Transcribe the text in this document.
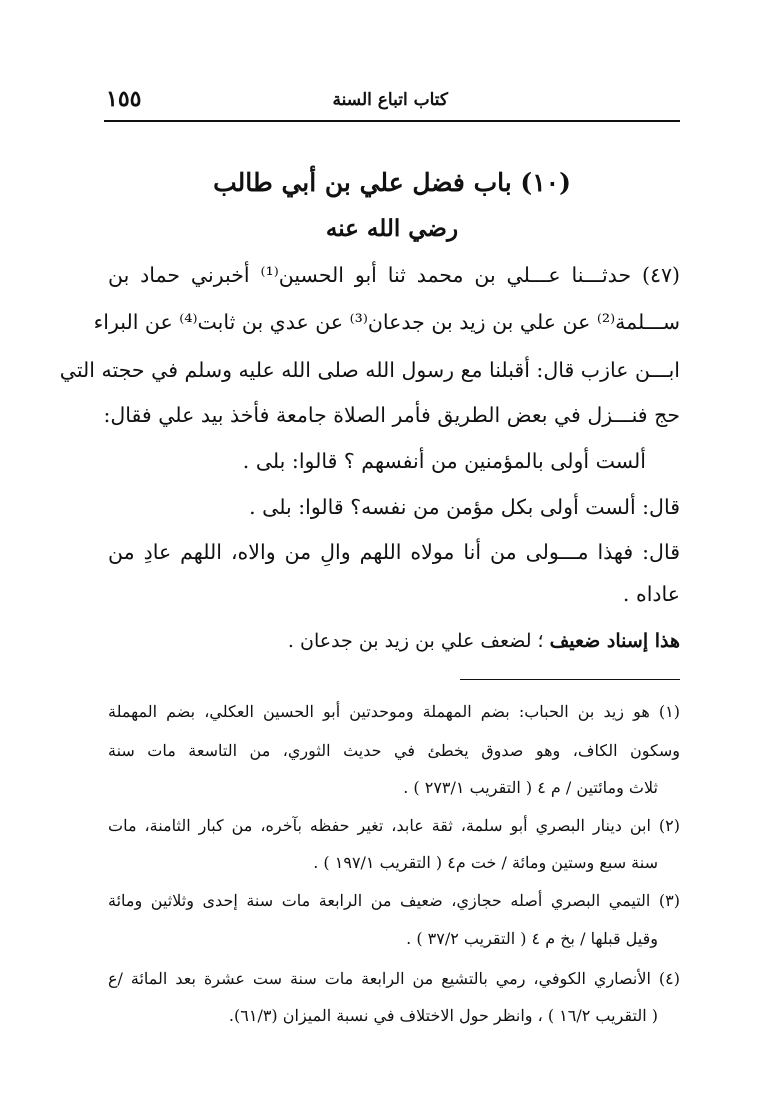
كتاب اتباع السنة
١٥٥
(١٠) باب فضل علي بن أبي طالب
رضي الله عنه
(٤٧) حدثـــنا عـــلي بن محمد ثنا أبو الحسين⁽¹⁾ أخبرني حماد بن
ســـلمة⁽²⁾ عن علي بن زيد بن جدعان⁽³⁾ عن عدي بن ثابت⁽⁴⁾ عن البراء
ابـــن عازب قال: أقبلنا مع رسول الله صلى الله عليه وسلم في حجته التي
حج فنـــزل في بعض الطريق فأمر الصلاة جامعة فأخذ بيد علي فقال:
ألست أولى بالمؤمنين من أنفسهم ؟ قالوا: بلى .
قال: ألست أولى بكل مؤمن من نفسه؟ قالوا: بلى .
قال: فهذا مـــولى من أنا مولاه اللهم والِ من والاه، اللهم عادِ من
عاداه .
هذا إسناد ضعيف ؛ لضعف علي بن زيد بن جدعان .
(١) هو زيد بن الحباب: بضم المهملة وموحدتين أبو الحسين العكلي، بضم المهملة
وسكون الكاف، وهو صدوق يخطئ في حديث الثوري، من التاسعة مات سنة
ثلاث ومائتين / م ٤ ( التقريب ٢٧٣/١ ) .
(٢) ابن دينار البصري أبو سلمة، ثقة عابد، تغير حفظه بآخره، من كبار الثامنة، مات
سنة سبع وستين ومائة / خت م٤ ( التقريب ١٩٧/١ ) .
(٣) التيمي البصري أصله حجازي، ضعيف من الرابعة مات سنة إحدى وثلاثين ومائة
وقيل قبلها / بخ م ٤ ( التقريب ٣٧/٢ ) .
(٤) الأنصاري الكوفي، رمي بالتشيع من الرابعة مات سنة ست عشرة بعد المائة /ع
( التقريب ١٦/٢ ) ، وانظر حول الاختلاف في نسبة الميزان (٦١/٣).
